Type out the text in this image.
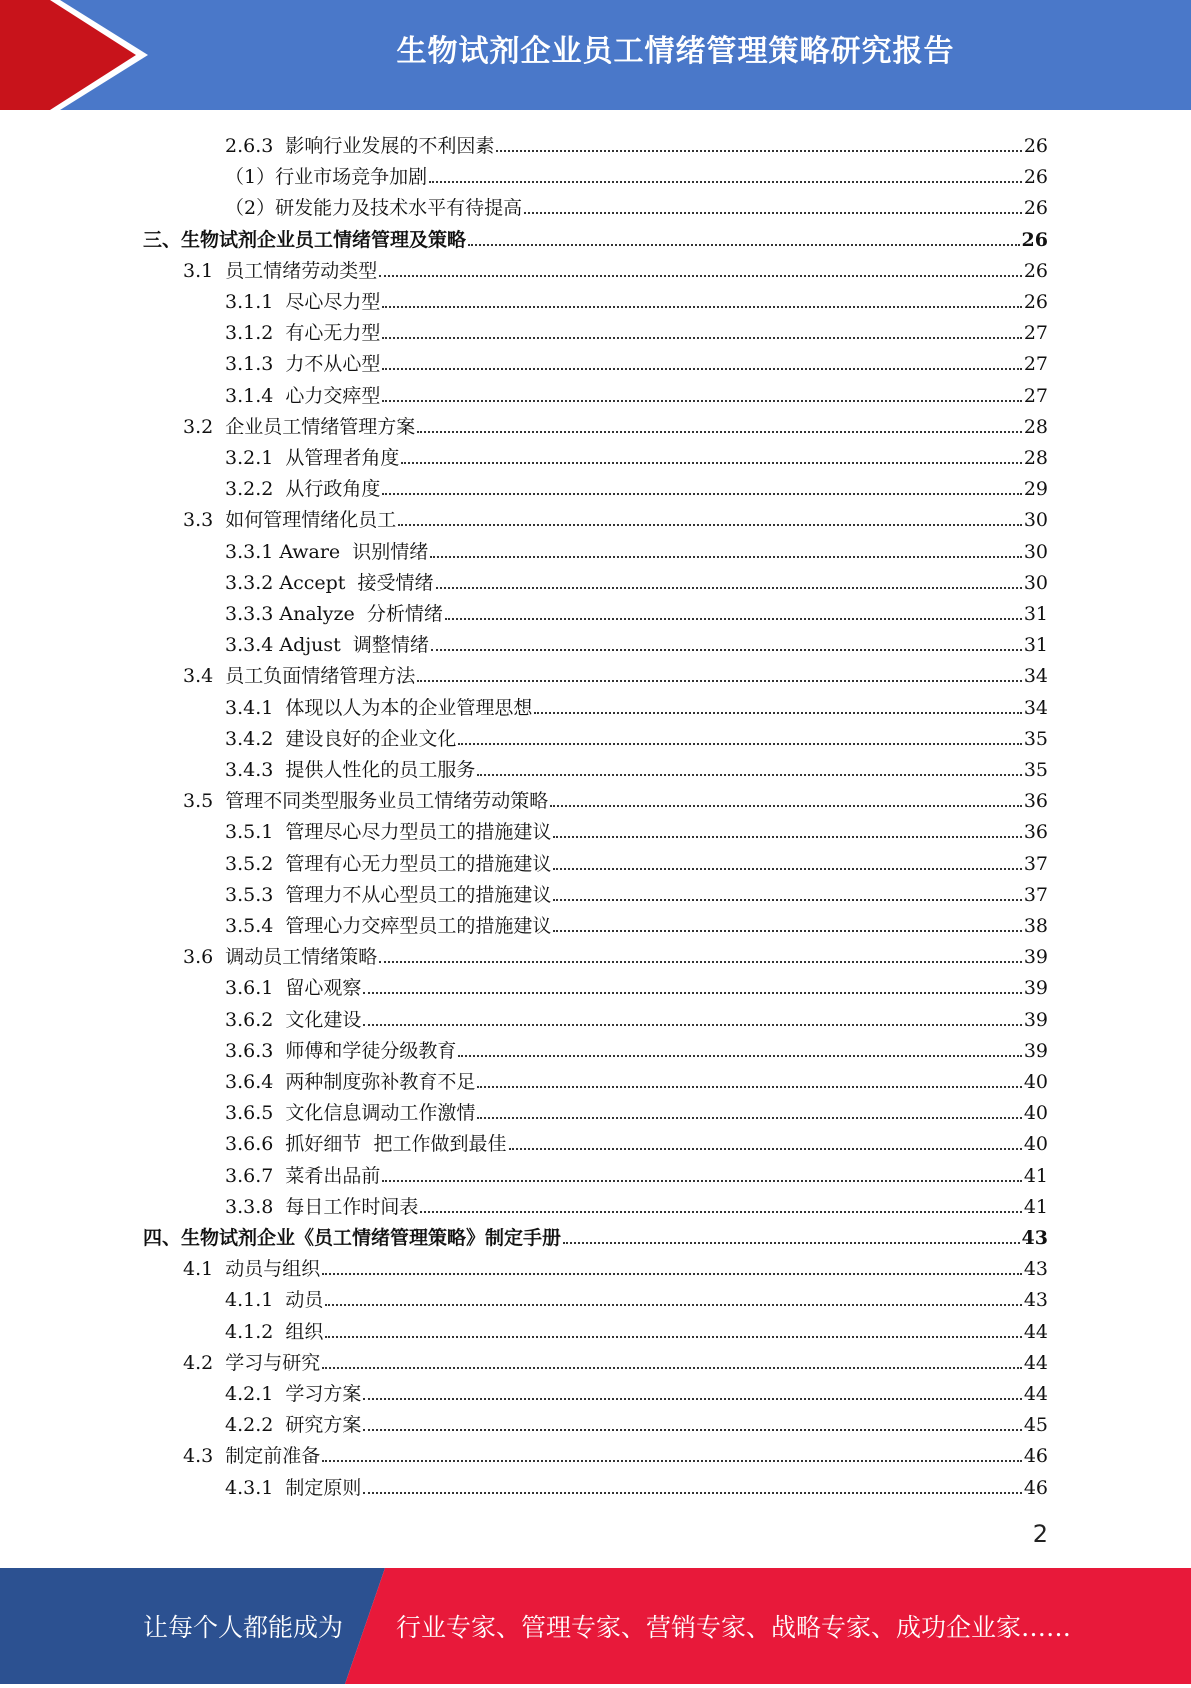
生物试剂企业员工情绪管理策略研究报告
2.6.3  影响行业发展的不利因素	26
（1）行业市场竞争加剧	26
（2）研发能力及技术水平有待提高	26
三、生物试剂企业员工情绪管理及策略	26
3.1  员工情绪劳动类型	26
3.1.1  尽心尽力型	26
3.1.2  有心无力型	27
3.1.3  力不从心型	27
3.1.4  心力交瘁型	27
3.2  企业员工情绪管理方案	28
3.2.1  从管理者角度	28
3.2.2  从行政角度	29
3.3  如何管理情绪化员工	30
3.3.1 Aware  识别情绪	30
3.3.2 Accept  接受情绪	30
3.3.3 Analyze  分析情绪	31
3.3.4 Adjust  调整情绪	31
3.4  员工负面情绪管理方法	34
3.4.1  体现以人为本的企业管理思想	34
3.4.2  建设良好的企业文化	35
3.4.3  提供人性化的员工服务	35
3.5  管理不同类型服务业员工情绪劳动策略	36
3.5.1  管理尽心尽力型员工的措施建议	36
3.5.2  管理有心无力型员工的措施建议	37
3.5.3  管理力不从心型员工的措施建议	37
3.5.4  管理心力交瘁型员工的措施建议	38
3.6  调动员工情绪策略	39
3.6.1  留心观察	39
3.6.2  文化建设	39
3.6.3  师傅和学徒分级教育	39
3.6.4  两种制度弥补教育不足	40
3.6.5  文化信息调动工作激情	40
3.6.6  抓好细节  把工作做到最佳	40
3.6.7  菜肴出品前	41
3.3.8  每日工作时间表	41
四、生物试剂企业《员工情绪管理策略》制定手册	43
4.1  动员与组织	43
4.1.1  动员	43
4.1.2  组织	44
4.2  学习与研究	44
4.2.1  学习方案	44
4.2.2  研究方案	45
4.3  制定前准备	46
4.3.1  制定原则	46
2
让每个人都能成为 行业专家、管理专家、营销专家、战略专家、成功企业家……
